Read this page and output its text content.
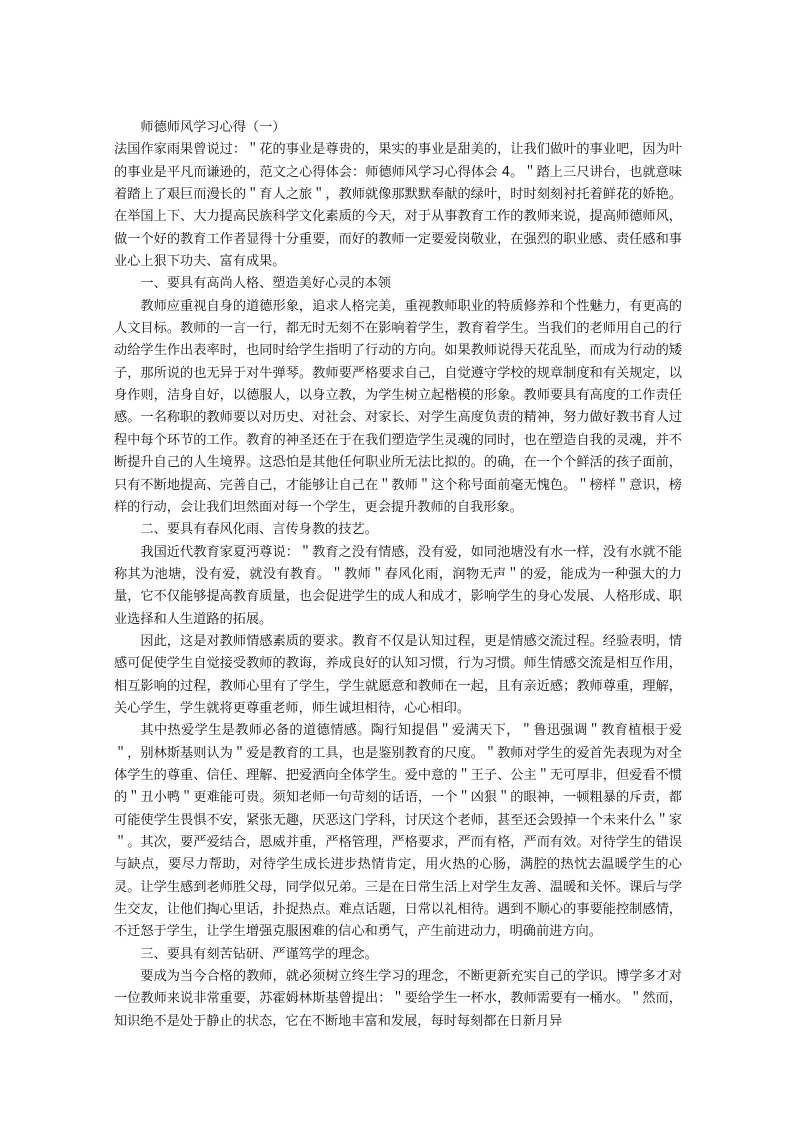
师德师风学习心得（一）

法国作家雨果曾说过：＂花的事业是尊贵的，果实的事业是甜美的，让我们做叶的事业吧，因为叶的事业是平凡而谦逊的，范文之心得体会：师德师风学习心得体会 4。＂踏上三尺讲台，也就意味着踏上了艰巨而漫长的＂育人之旅＂，教师就像那默默奉献的绿叶，时时刻刻衬托着鲜花的娇艳。在举国上下、大力提高民族科学文化素质的今天，对于从事教育工作的教师来说，提高师德师风，做一个好的教育工作者显得十分重要，而好的教师一定要爱岗敬业，在强烈的职业感、责任感和事业心上狠下功夫、富有成果。

一、要具有高尚人格、塑造美好心灵的本领

教师应重视自身的道德形象，追求人格完美，重视教师职业的特质修养和个性魅力，有更高的人文目标。教师的一言一行，都无时无刻不在影响着学生，教育着学生。当我们的老师用自己的行动给学生作出表率时，也同时给学生指明了行动的方向。如果教师说得天花乱坠，而成为行动的矮子，那所说的也无异于对牛弹琴。教师要严格要求自己，自觉遵守学校的规章制度和有关规定，以身作则，洁身自好，以德服人，以身立教，为学生树立起楷模的形象。教师要具有高度的工作责任感。一名称职的教师要以对历史、对社会、对家长、对学生高度负责的精神，努力做好教书育人过程中每个环节的工作。教育的神圣还在于在我们塑造学生灵魂的同时，也在塑造自我的灵魂，并不断提升自己的人生境界。这恐怕是其他任何职业所无法比拟的。的确，在一个个鲜活的孩子面前，只有不断地提高、完善自己，才能够让自己在＂教师＂这个称号面前毫无愧色。＂榜样＂意识，榜样的行动，会让我们坦然面对每一个学生，更会提升教师的自我形象。

二、要具有春风化雨、言传身教的技艺。

我国近代教育家夏沔尊说：＂教育之没有情感，没有爱，如同池塘没有水一样，没有水就不能称其为池塘，没有爱，就没有教育。＂教师＂春风化雨，润物无声＂的爱，能成为一种强大的力量，它不仅能够提高教育质量，也会促进学生的成人和成才，影响学生的身心发展、人格形成、职业选择和人生道路的拓展。

因此，这是对教师情感素质的要求。教育不仅是认知过程，更是情感交流过程。经验表明，情感可促使学生自觉接受教师的教诲，养成良好的认知习惯，行为习惯。师生情感交流是相互作用，相互影响的过程，教师心里有了学生，学生就愿意和教师在一起，且有亲近感；教师尊重，理解，关心学生，学生就将更尊重老师，师生诚坦相待，心心相印。

其中热爱学生是教师必备的道德情感。陶行知提倡＂爱满天下，＂鲁迅强调＂教育植根于爱＂，别林斯基则认为＂爱是教育的工具，也是鉴别教育的尺度。＂教师对学生的爱首先表现为对全体学生的尊重、信任、理解、把爱洒向全体学生。爱中意的＂王子、公主＂无可厚非，但爱看不惯的＂丑小鸭＂更难能可贵。须知老师一句苛刻的话语，一个＂凶狠＂的眼神，一顿粗暴的斥责，都可能使学生畏惧不安，紧张无趣，厌恶这门学科，讨厌这个老师，甚至还会毁掉一个未来什么＂家＂。其次，要严爱结合，恩威并重，严格管理，严格要求，严而有格，严而有效。对待学生的错误与缺点，要尽力帮助，对待学生成长进步热情肯定，用火热的心肠，满腔的热忱去温暖学生的心灵。让学生感到老师胜父母，同学似兄弟。三是在日常生活上对学生友善、温暖和关怀。课后与学生交友，让他们掏心里话，扑捉热点。难点话题，日常以礼相待。遇到不顺心的事要能控制感情，不迁怒于学生，让学生增强克服困难的信心和勇气，产生前进动力，明确前进方向。

三、要具有刻苦钻研、严谨笃学的理念。

要成为当今合格的教师，就必须树立终生学习的理念，不断更新充实自己的学识。博学多才对一位教师来说非常重要，苏霍姆林斯基曾提出：＂要给学生一杯水，教师需要有一桶水。＂然而，知识绝不是处于静止的状态，它在不断地丰富和发展，每时每刻都在日新月异
